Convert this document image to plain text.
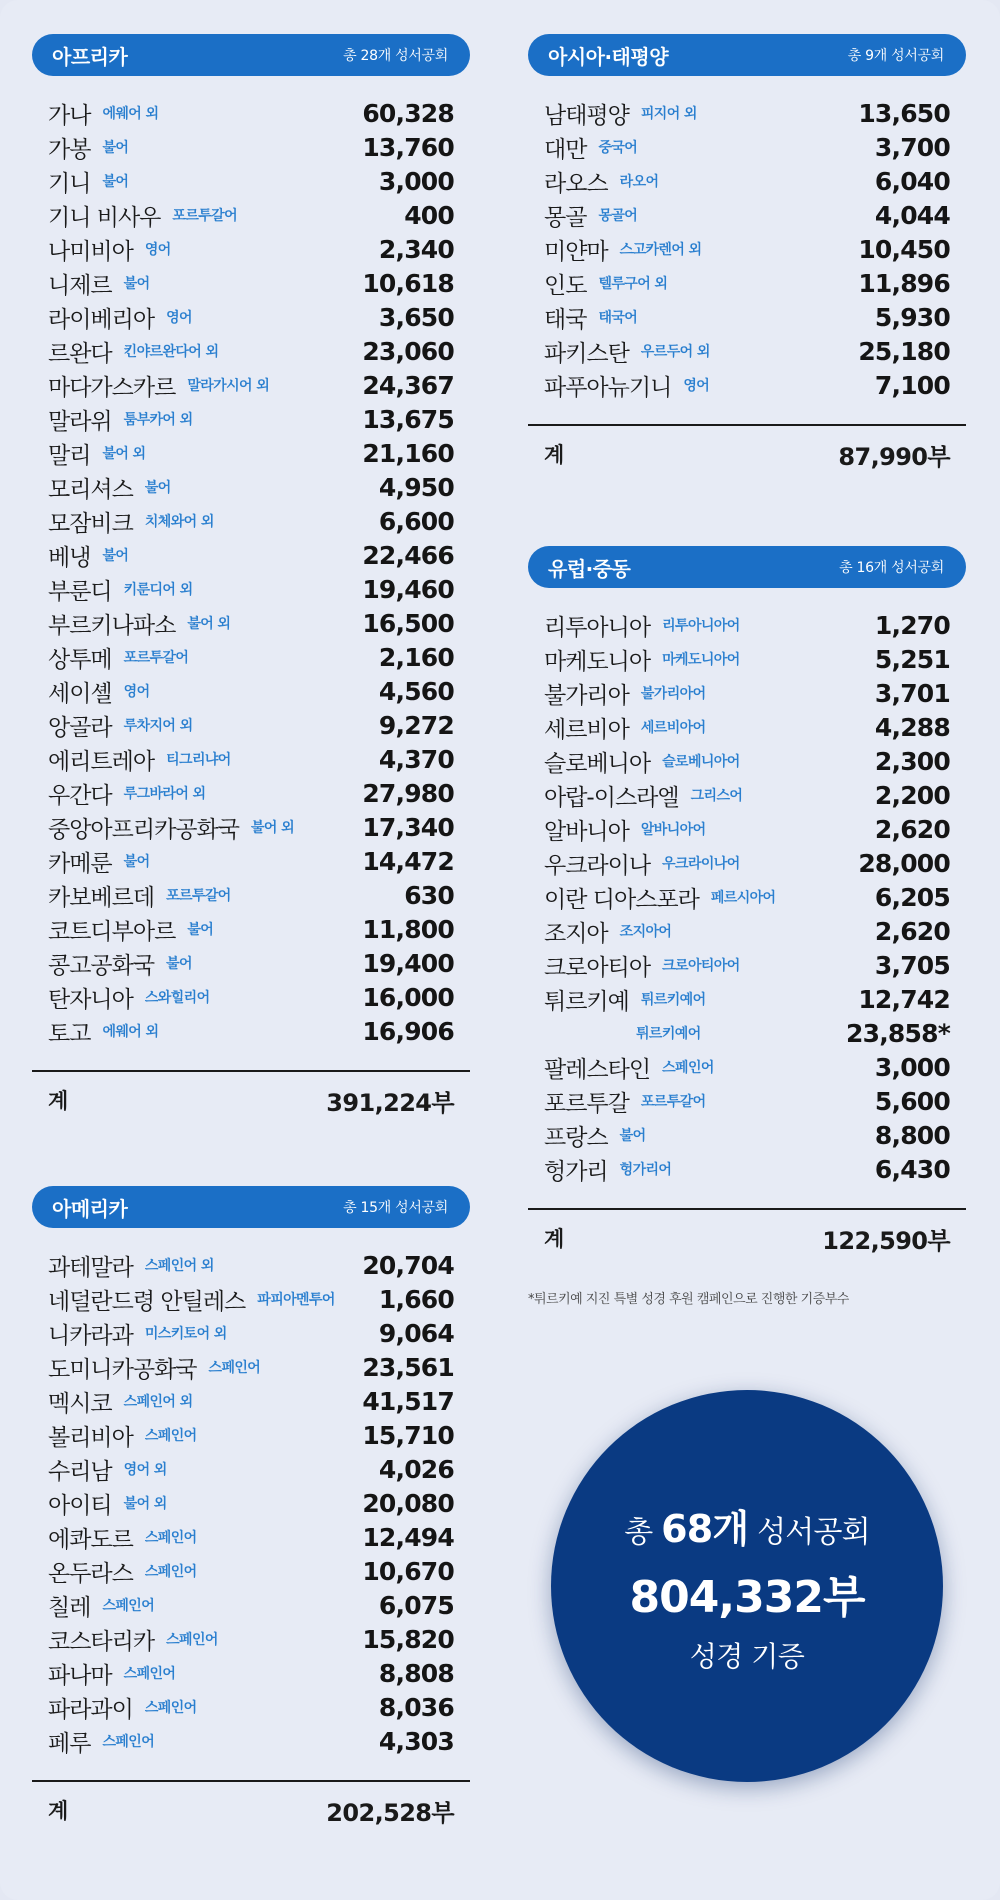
아프리카	총 28개 성서공회
가나 에웨어 외	60,328
가봉 불어	13,760
기니 불어	3,000
기니 비사우 포르투갈어	400
나미비아 영어	2,340
니제르 불어	10,618
라이베리아 영어	3,650
르완다 킨야르완다어 외	23,060
마다가스카르 말라가시어 외	24,367
말라위 툼부카어 외	13,675
말리 불어 외	21,160
모리셔스 불어	4,950
모잠비크 치체와어 외	6,600
베냉 불어	22,466
부룬디 키룬디어 외	19,460
부르키나파소 불어 외	16,500
상투메 포르투갈어	2,160
세이셸 영어	4,560
앙골라 루차지어 외	9,272
에리트레아 티그리냐어	4,370
우간다 루그바라어 외	27,980
중앙아프리카공화국 불어 외	17,340
카메룬 불어	14,472
카보베르데 포르투갈어	630
코트디부아르 불어	11,800
콩고공화국 불어	19,400
탄자니아 스와힐리어	16,000
토고 에웨어 외	16,906
계	391,224부
아메리카	총 15개 성서공회
과테말라 스페인어 외	20,704
네덜란드령 안틸레스 파피아멘투어 1,660
니카라과 미스키토어 외	9,064
도미니카공화국 스페인어	23,561
멕시코 스페인어 외	41,517
볼리비아 스페인어	15,710
수리남 영어 외	4,026
아이티 불어 외	20,080
에콰도르 스페인어	12,494
온두라스 스페인어	10,670
칠레 스페인어	6,075
코스타리카 스페인어	15,820
파나마 스페인어	8,808
파라과이 스페인어	8,036
페루 스페인어	4,303
계	202,528부
아시아·태평양	총 9개 성서공회
남태평양 피지어 외	13,650
대만 중국어	3,700
라오스 라오어	6,040
몽골 몽골어	4,044
미얀마 스고카렌어 외	10,450
인도 텔루구어 외	11,896
태국 태국어	5,930
파키스탄 우르두어 외	25,180
파푸아뉴기니 영어	7,100
계	87,990부
유럽·중동	총 16개 성서공회
리투아니아 리투아니아어	1,270
마케도니아 마케도니아어	5,251
불가리아 불가리아어	3,701
세르비아 세르비아어	4,288
슬로베니아 슬로베니아어	2,300
아랍-이스라엘 그리스어	2,200
알바니아 알바니아어	2,620
우크라이나 우크라이나어	28,000
이란 디아스포라 페르시아어	6,205
조지아 조지아어	2,620
크로아티아 크로아티아어	3,705
튀르키예 튀르키예어	12,742
튀르키예어	23,858*
팔레스타인 스페인어	3,000
포르투갈 포르투갈어	5,600
프랑스 불어	8,800
헝가리 헝가리어	6,430
계	122,590부
*튀르키예 지진 특별 성경 후원 캠페인으로 진행한 기증부수
총 68개 성서공회
804,332부
성경 기증
